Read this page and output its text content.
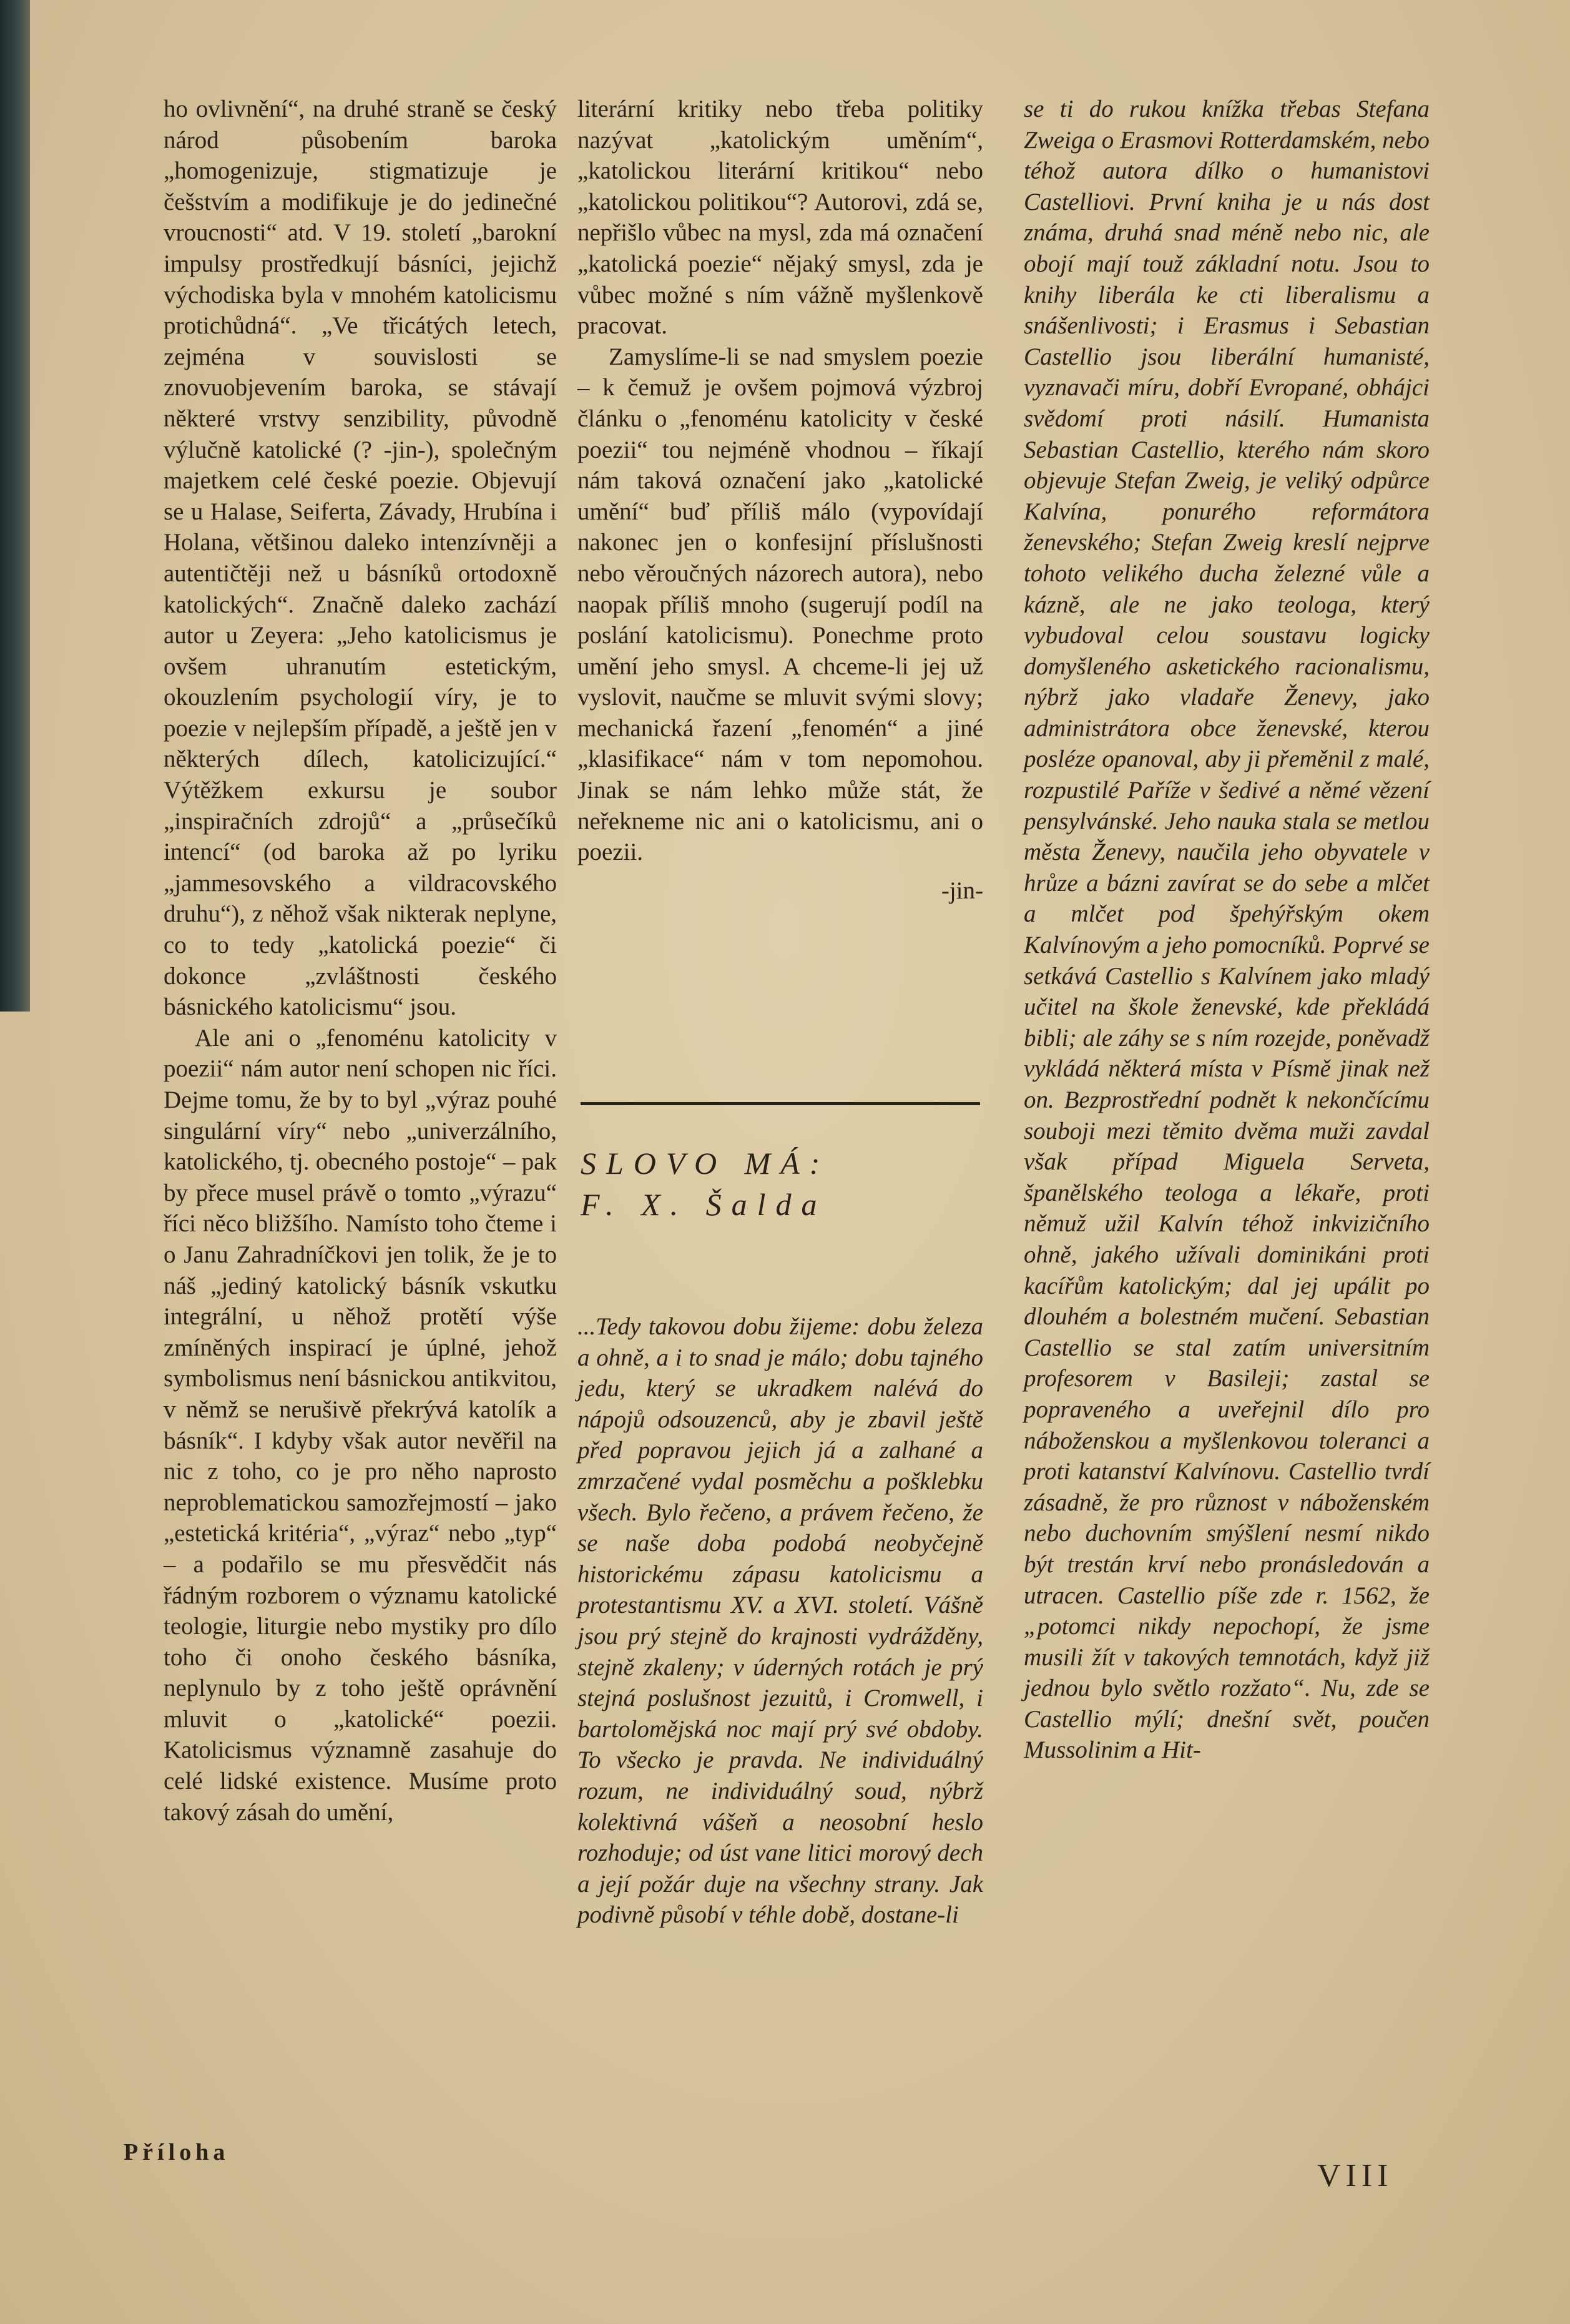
ho ovlivnění“, na druhé straně se český národ působením baroka „homogenizuje, stigmatizuje je češstvím a modifikuje je do jedinečné vroucnosti“ atd. V 19. století „barokní impulsy prostředkují básníci, jejichž východiska byla v mnohém katolicismu protichůdná“. „Ve třicátých letech, zejména v souvislosti se znovuobjevením baroka, se stávají některé vrstvy senzibility, původně výlučně katolické (? -jin-), společným majetkem celé české poezie. Objevují se u Halase, Seiferta, Závady, Hrubína i Holana, většinou daleko intenzívněji a autentičtěji než u básníků ortodoxně katolických“. Značně daleko zachází autor u Zeyera: „Jeho katolicismus je ovšem uhranutím estetickým, okouzlením psychologií víry, je to poezie v nejlepším případě, a ještě jen v některých dílech, katolicizující.“ Výtěžkem exkursu je soubor „inspiračních zdrojů“ a „průsečíků intencí“ (od baroka až po lyriku „jammesovského a vildracovského druhu“), z něhož však nikterak neplyne, co to tedy „katolická poezie“ či dokonce „zvláštnosti českého básnického katolicismu“ jsou.

Ale ani o „fenoménu katolicity v poezii“ nám autor není schopen nic říci. Dejme tomu, že by to byl „výraz pouhé singulární víry“ nebo „univerzálního, katolického, tj. obecného postoje“ – pak by přece musel právě o tomto „výrazu“ říci něco bližšího. Namísto toho čteme i o Janu Zahradníčkovi jen tolik, že je to náš „jediný katolický básník vskutku integrální, u něhož protětí výše zmíněných inspirací je úplné, jehož symbolismus není básnickou antikvitou, v němž se nerušivě překrývá katolík a básník“. I kdyby však autor nevěřil na nic z toho, co je pro něho naprosto neproblematickou samozřejmostí – jako „estetická kritéria“, „výraz“ nebo „typ“ – a podařilo se mu přesvědčit nás řádným rozborem o významu katolické teologie, liturgie nebo mystiky pro dílo toho či onoho českého básníka, neplynulo by z toho ještě oprávnění mluvit o „katolické“ poezii. Katolicismus významně zasahuje do celé lidské existence. Musíme proto takový zásah do umění,

literární kritiky nebo třeba politiky nazývat „katolickým uměním“, „katolickou literární kritikou“ nebo „katolickou politikou“? Autorovi, zdá se, nepřišlo vůbec na mysl, zda má označení „katolická poezie“ nějaký smysl, zda je vůbec možné s ním vážně myšlenkově pracovat.

Zamyslíme-li se nad smyslem poezie – k čemuž je ovšem pojmová výzbroj článku o „fenoménu katolicity v české poezii“ tou nejméně vhodnou – říkají nám taková označení jako „katolické umění“ buď příliš málo (vypovídají nakonec jen o konfesijní příslušnosti nebo věroučných názorech autora), nebo naopak příliš mnoho (sugerují podíl na poslání katolicismu). Ponechme proto umění jeho smysl. A chceme-li jej už vyslovit, naučme se mluvit svými slovy; mechanická řazení „fenomén“ a jiné „klasifikace“ nám v tom nepomohou. Jinak se nám lehko může stát, že neřekneme nic ani o katolicismu, ani o poezii.

-jin-

SLOVO MÁ:
F. X. Šalda

...Tedy takovou dobu žijeme: dobu železa a ohně, a i to snad je málo; dobu tajného jedu, který se ukradkem nalévá do nápojů odsouzenců, aby je zbavil ještě před popravou jejich já a zalhané a zmrzačené vydal posměchu a pošklebku všech. Bylo řečeno, a právem řečeno, že se naše doba podobá neobyčejně historickému zápasu katolicismu a protestantismu XV. a XVI. století. Vášně jsou prý stejně do krajnosti vydrážděny, stejně zkaleny; v úderných rotách je prý stejná poslušnost jezuitů, i Cromwell, i bartolomějská noc mají prý své obdoby. To všecko je pravda. Ne individuálný rozum, ne individuálný soud, nýbrž kolektivná vášeň a neosobní heslo rozhoduje; od úst vane litici morový dech a její požár duje na všechny strany. Jak podivně působí v téhle době, dostane-li

se ti do rukou knížka třebas Stefana Zweiga o Erasmovi Rotterdamském, nebo téhož autora dílko o humanistovi Castelliovi. První kniha je u nás dost známa, druhá snad méně nebo nic, ale obojí mají touž základní notu. Jsou to knihy liberála ke cti liberalismu a snášenlivosti; i Erasmus i Sebastian Castellio jsou liberální humanisté, vyznavači míru, dobří Evropané, obhájci svědomí proti násilí. Humanista Sebastian Castellio, kterého nám skoro objevuje Stefan Zweig, je veliký odpůrce Kalvína, ponurého reformátora ženevského; Stefan Zweig kreslí nejprve tohoto velikého ducha železné vůle a kázně, ale ne jako teologa, který vybudoval celou soustavu logicky domyšleného asketického racionalismu, nýbrž jako vladaře Ženevy, jako administrátora obce ženevské, kterou posléze opanoval, aby ji přeměnil z malé, rozpustilé Paříže v šedivé a němé vězení pensylvánské. Jeho nauka stala se metlou města Ženevy, naučila jeho obyvatele v hrůze a bázni zavírat se do sebe a mlčet a mlčet pod špehýřským okem Kalvínovým a jeho pomocníků. Poprvé se setkává Castellio s Kalvínem jako mladý učitel na škole ženevské, kde překládá bibli; ale záhy se s ním rozejde, poněvadž vykládá některá místa v Písmě jinak než on. Bezprostřední podnět k nekončícímu souboji mezi těmito dvěma muži zavdal však případ Miguela Serveta, španělského teologa a lékaře, proti němuž užil Kalvín téhož inkvizičního ohně, jakého užívali dominikáni proti kacířům katolickým; dal jej upálit po dlouhém a bolestném mučení. Sebastian Castellio se stal zatím universitním profesorem v Basileji; zastal se popraveného a uveřejnil dílo pro náboženskou a myšlenkovou toleranci a proti katanství Kalvínovu. Castellio tvrdí zásadně, že pro různost v náboženském nebo duchovním smýšlení nesmí nikdo být trestán krví nebo pronásledován a utracen. Castellio píše zde r. 1562, že „potomci nikdy nepochopí, že jsme musili žít v takových temnotách, když již jednou bylo světlo rozžato“. Nu, zde se Castellio mýlí; dnešní svět, poučen Mussolinim a Hit-

Příloha
VIII
